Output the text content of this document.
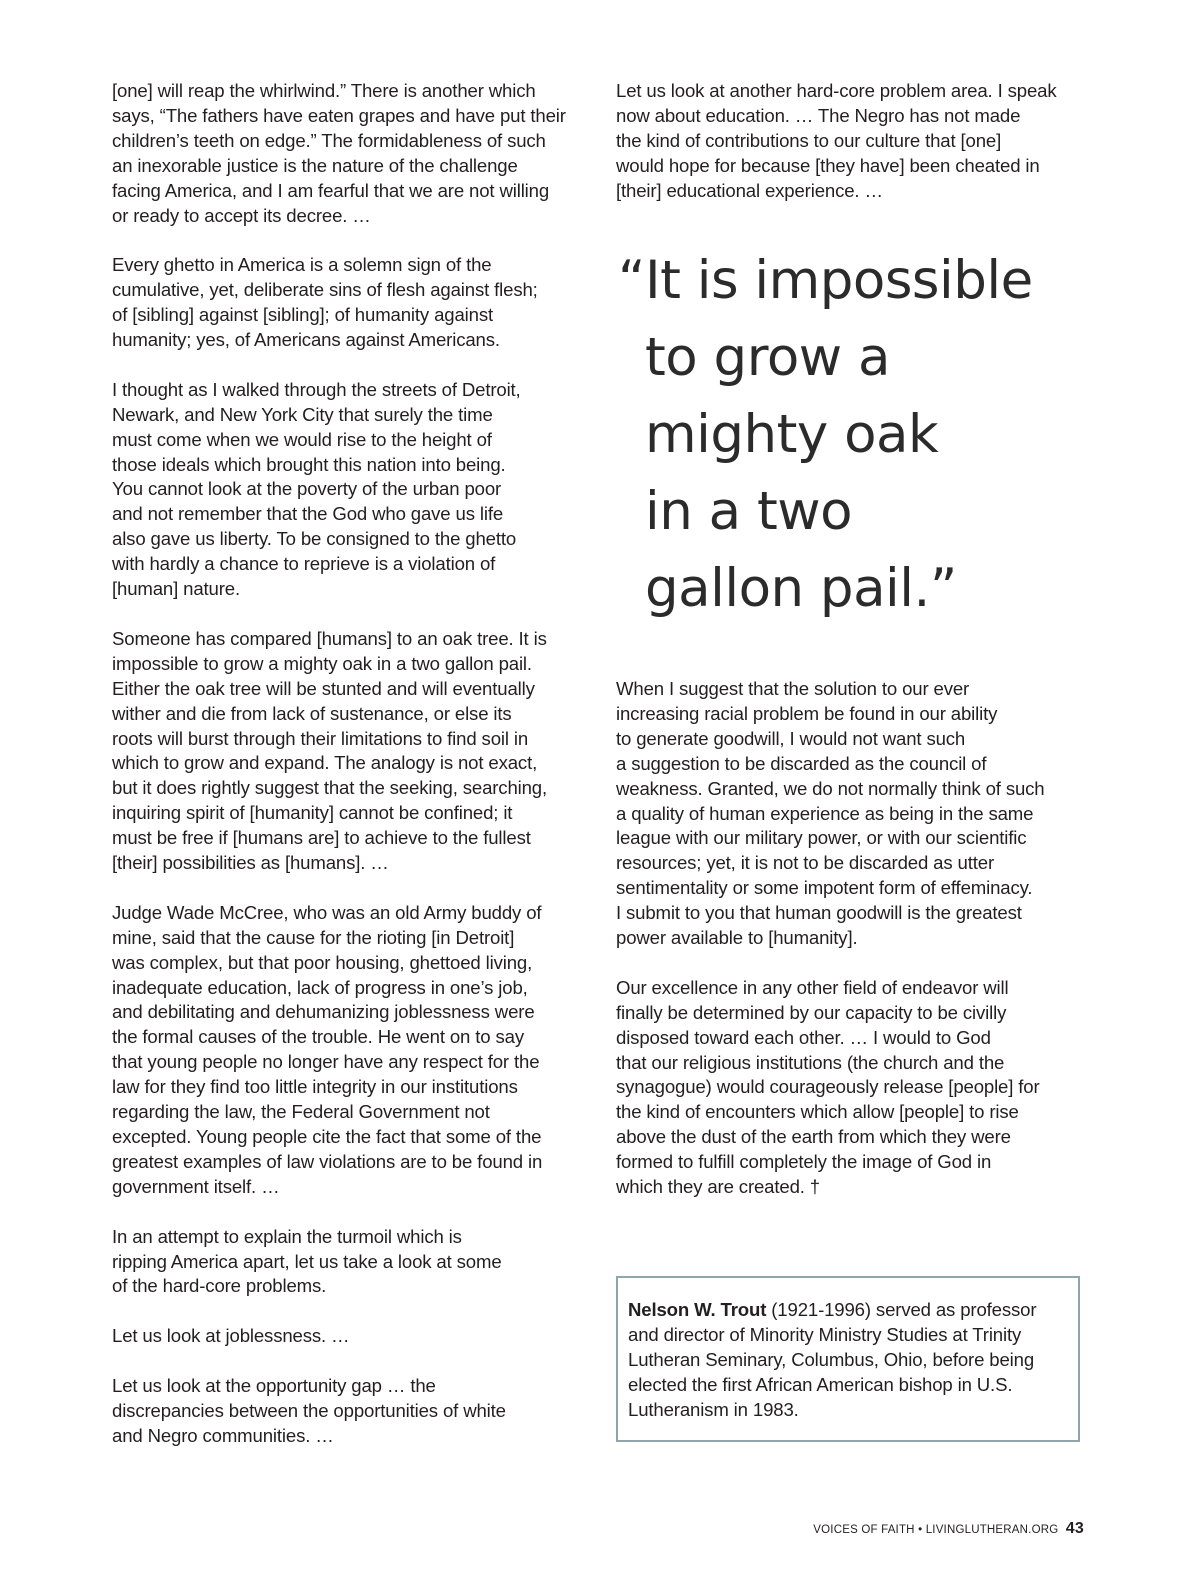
[one] will reap the whirlwind.” There is another which
says, “The fathers have eaten grapes and have put their
children’s teeth on edge.” The formidableness of such
an inexorable justice is the nature of the challenge
facing America, and I am fearful that we are not willing
or ready to accept its decree. …

Every ghetto in America is a solemn sign of the
cumulative, yet, deliberate sins of flesh against flesh;
of [sibling] against [sibling]; of humanity against
humanity; yes, of Americans against Americans.

I thought as I walked through the streets of Detroit,
Newark, and New York City that surely the time
must come when we would rise to the height of
those ideals which brought this nation into being.
You cannot look at the poverty of the urban poor
and not remember that the God who gave us life
also gave us liberty. To be consigned to the ghetto
with hardly a chance to reprieve is a violation of
[human] nature.

Someone has compared [humans] to an oak tree. It is
impossible to grow a mighty oak in a two gallon pail.
Either the oak tree will be stunted and will eventually
wither and die from lack of sustenance, or else its
roots will burst through their limitations to find soil in
which to grow and expand. The analogy is not exact,
but it does rightly suggest that the seeking, searching,
inquiring spirit of [humanity] cannot be confined; it
must be free if [humans are] to achieve to the fullest
[their] possibilities as [humans]. …

Judge Wade McCree, who was an old Army buddy of
mine, said that the cause for the rioting [in Detroit]
was complex, but that poor housing, ghettoed living,
inadequate education, lack of progress in one’s job,
and debilitating and dehumanizing joblessness were
the formal causes of the trouble. He went on to say
that young people no longer have any respect for the
law for they find too little integrity in our institutions
regarding the law, the Federal Government not
excepted. Young people cite the fact that some of the
greatest examples of law violations are to be found in
government itself. …

In an attempt to explain the turmoil which is
ripping America apart, let us take a look at some
of the hard-core problems.

Let us look at joblessness. …

Let us look at the opportunity gap … the
discrepancies between the opportunities of white
and Negro communities. …

Let us look at another hard-core problem area. I speak
now about education. … The Negro has not made
the kind of contributions to our culture that [one]
would hope for because [they have] been cheated in
[their] educational experience. …

“It is impossible
to grow a
mighty oak
in a two
gallon pail.”

When I suggest that the solution to our ever
increasing racial problem be found in our ability
to generate goodwill, I would not want such
a suggestion to be discarded as the council of
weakness. Granted, we do not normally think of such
a quality of human experience as being in the same
league with our military power, or with our scientific
resources; yet, it is not to be discarded as utter
sentimentality or some impotent form of effeminacy.
I submit to you that human goodwill is the greatest
power available to [humanity].

Our excellence in any other field of endeavor will
finally be determined by our capacity to be civilly
disposed toward each other. … I would to God
that our religious institutions (the church and the
synagogue) would courageously release [people] for
the kind of encounters which allow [people] to rise
above the dust of the earth from which they were
formed to fulfill completely the image of God in
which they are created. †

Nelson W. Trout (1921-1996) served as professor
and director of Minority Ministry Studies at Trinity
Lutheran Seminary, Columbus, Ohio, before being
elected the first African American bishop in U.S.
Lutheranism in 1983.

VOICES OF FAITH • LIVINGLUTHERAN.ORG 43
